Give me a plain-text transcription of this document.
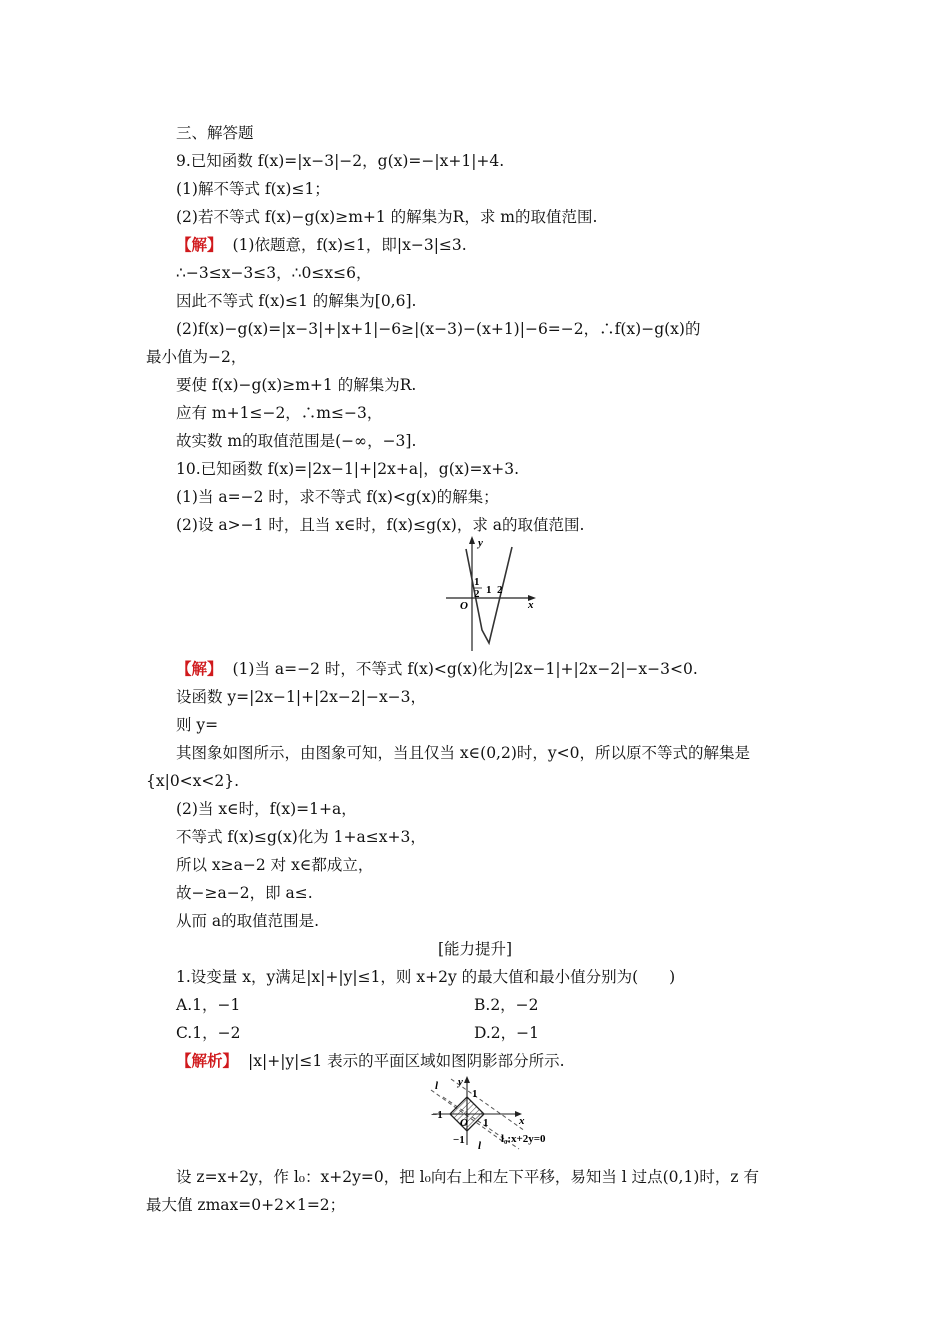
三、解答题
9.已知函数 f(x)=|x−3|−2，g(x)=−|x+1|+4.
(1)解不等式 f(x)≤1；
(2)若不等式 f(x)−g(x)≥m+1 的解集为R，求 m的取值范围.
【解】 (1)依题意，f(x)≤1，即|x−3|≤3.
∴−3≤x−3≤3，∴0≤x≤6，
因此不等式 f(x)≤1 的解集为[0,6].
(2)f(x)−g(x)=|x−3|+|x+1|−6≥|(x−3)−(x+1)|−6=−2，∴f(x)−g(x)的
最小值为−2，
要使 f(x)−g(x)≥m+1 的解集为R.
应有 m+1≤−2，∴m≤−3，
故实数 m的取值范围是(−∞，−3].
10.已知函数 f(x)=|2x−1|+|2x+a|，g(x)=x+3.
(1)当 a=−2 时，求不等式 f(x)<g(x)的解集；
(2)设 a>−1 时，且当 x∈时，f(x)≤g(x)，求 a的取值范围.
y
1
2 1 2
O	x
【解】 (1)当 a=−2 时，不等式 f(x)<g(x)化为|2x−1|+|2x−2|−x−3<0.
设函数 y=|2x−1|+|2x−2|−x−3，
则 y=
其图象如图所示，由图象可知，当且仅当 x∈(0,2)时，y<0，所以原不等式的解集是
{x|0<x<2}.
(2)当 x∈时，f(x)=1+a，
不等式 f(x)≤g(x)化为 1+a≤x+3，
所以 x≥a−2 对 x∈都成立，
故−≥a−2，即 a≤.
从而 a的取值范围是.
[能力提升]
1.设变量 x，y满足|x|+|y|≤1，则 x+2y 的最大值和最小值分别为(　　)
A.1，−1	B.2，−2
C.1，−2	D.2，−1
【解析】 |x|+|y|≤1 表示的平面区域如图阴影部分所示.
l y
1
−1
O 1	x
−1 l
l₀:x+2y=0
设 z=x+2y，作 l₀：x+2y=0，把 l₀向右上和左下平移，易知当 l 过点(0,1)时，z 有
最大值 zmax=0+2×1=2；
